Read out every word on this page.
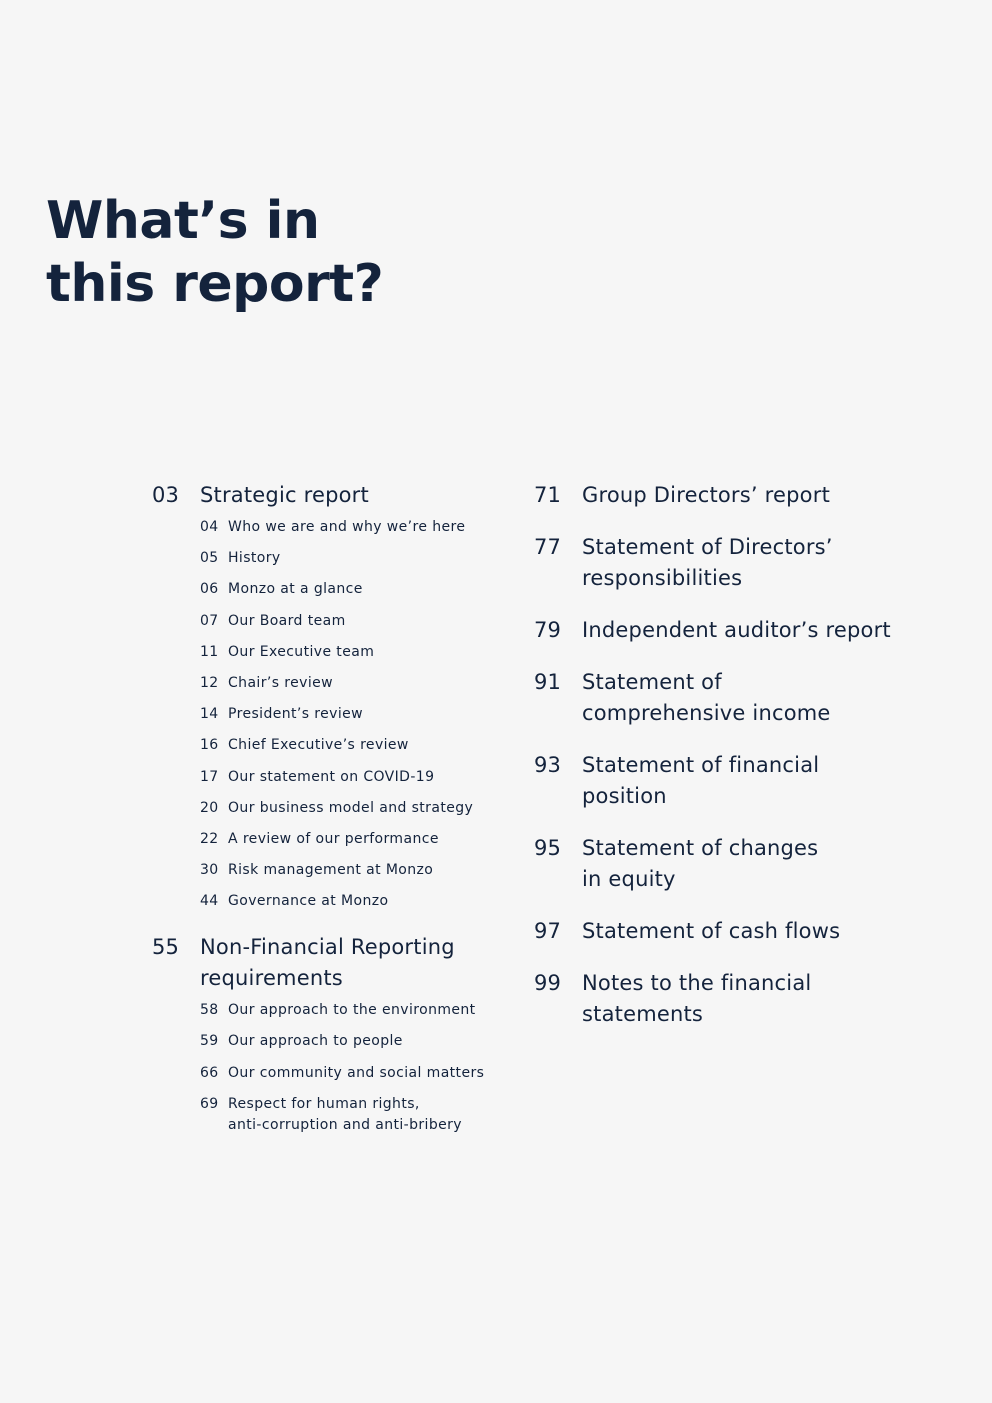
What’s in
this report?
03 Strategic report
04 Who we are and why we’re here
05 History
06 Monzo at a glance
07 Our Board team
11 Our Executive team
12 Chair’s review
14 President’s review
16 Chief Executive’s review
17 Our statement on COVID-19
20 Our business model and strategy
22 A review of our performance
30 Risk management at Monzo
44 Governance at Monzo
55 Non-Financial Reporting
requirements
58 Our approach to the environment
59 Our approach to people
66 Our community and social matters
69 Respect for human rights,
anti-corruption and anti-bribery
71 Group Directors’ report
77 Statement of Directors’
responsibilities
79 Independent auditor’s report
91 Statement of
comprehensive income
93 Statement of financial
position
95 Statement of changes
in equity
97 Statement of cash flows
99 Notes to the financial
statements
